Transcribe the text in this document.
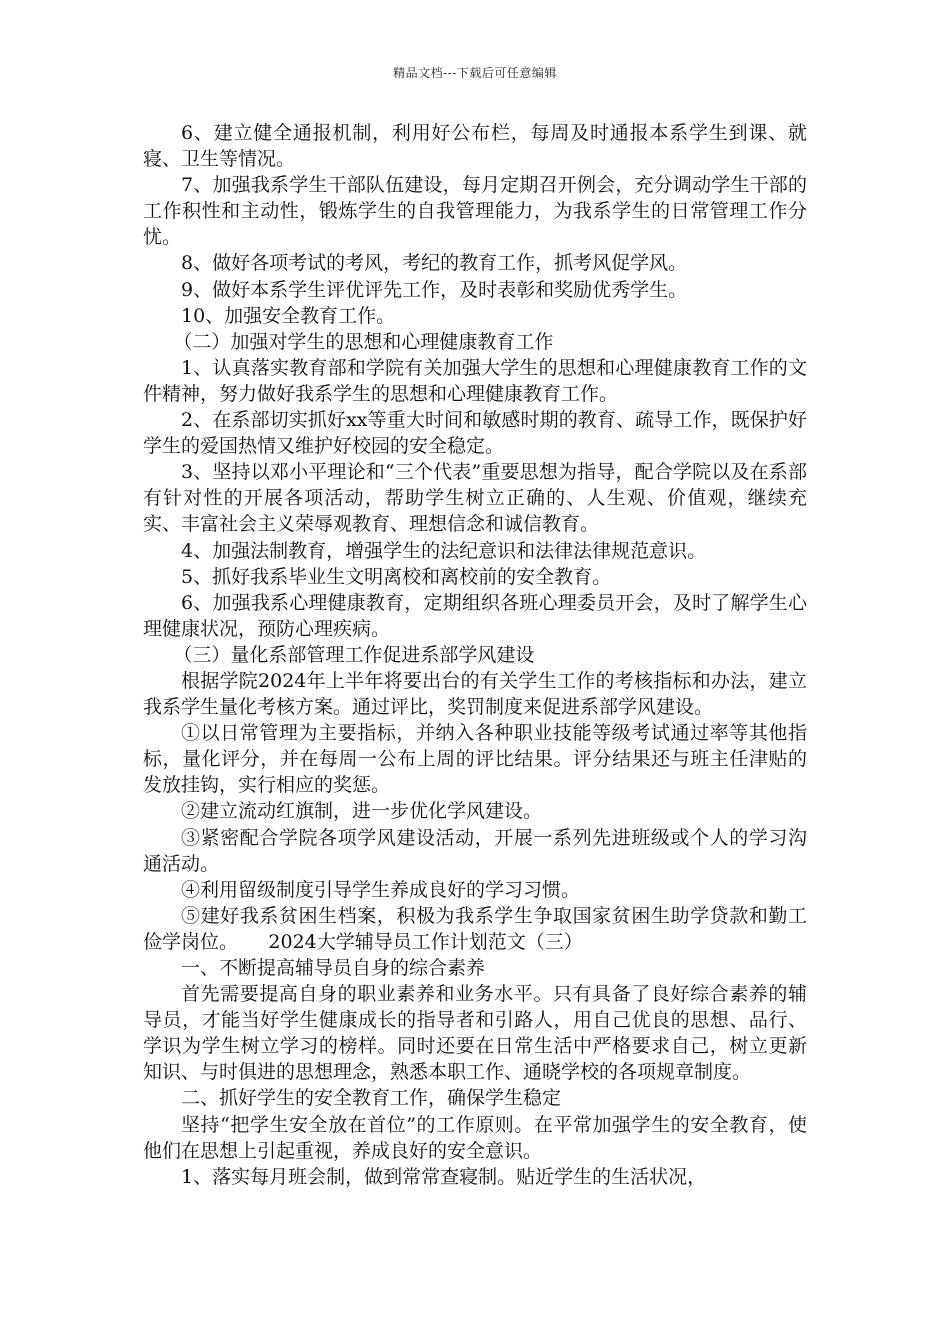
精品文档---下载后可任意编辑

6、建立健全通报机制，利用好公布栏，每周及时通报本系学生到课、就寝、卫生等情况。

7、加强我系学生干部队伍建设，每月定期召开例会，充分调动学生干部的工作积性和主动性，锻炼学生的自我管理能力，为我系学生的日常管理工作分忧。

8、做好各项考试的考风，考纪的教育工作，抓考风促学风。

9、做好本系学生评优评先工作，及时表彰和奖励优秀学生。

10、加强安全教育工作。

（二）加强对学生的思想和心理健康教育工作

1、认真落实教育部和学院有关加强大学生的思想和心理健康教育工作的文件精神，努力做好我系学生的思想和心理健康教育工作。

2、在系部切实抓好xx等重大时间和敏感时期的教育、疏导工作，既保护好学生的爱国热情又维护好校园的安全稳定。

3、坚持以邓小平理论和“三个代表”重要思想为指导，配合学院以及在系部有针对性的开展各项活动，帮助学生树立正确的、人生观、价值观，继续充实、丰富社会主义荣辱观教育、理想信念和诚信教育。

4、加强法制教育，增强学生的法纪意识和法律法律规范意识。

5、抓好我系毕业生文明离校和离校前的安全教育。

6、加强我系心理健康教育，定期组织各班心理委员开会，及时了解学生心理健康状况，预防心理疾病。

（三）量化系部管理工作促进系部学风建设

根据学院2024年上半年将要出台的有关学生工作的考核指标和办法，建立我系学生量化考核方案。通过评比，奖罚制度来促进系部学风建设。

①以日常管理为主要指标，并纳入各种职业技能等级考试通过率等其他指标，量化评分，并在每周一公布上周的评比结果。评分结果还与班主任津贴的发放挂钩，实行相应的奖惩。

②建立流动红旗制，进一步优化学风建设。

③紧密配合学院各项学风建设活动，开展一系列先进班级或个人的学习沟通活动。

④利用留级制度引导学生养成良好的学习习惯。

⑤建好我系贫困生档案，积极为我系学生争取国家贫困生助学贷款和勤工俭学岗位。 2024大学辅导员工作计划范文（三）

一、不断提高辅导员自身的综合素养

首先需要提高自身的职业素养和业务水平。只有具备了良好综合素养的辅导员，才能当好学生健康成长的指导者和引路人，用自己优良的思想、品行、学识为学生树立学习的榜样。同时还要在日常生活中严格要求自己，树立更新知识、与时俱进的思想理念，熟悉本职工作、通晓学校的各项规章制度。

二、抓好学生的安全教育工作，确保学生稳定

坚持“把学生安全放在首位”的工作原则。在平常加强学生的安全教育，使他们在思想上引起重视，养成良好的安全意识。

1、落实每月班会制，做到常常查寝制。贴近学生的生活状况，
